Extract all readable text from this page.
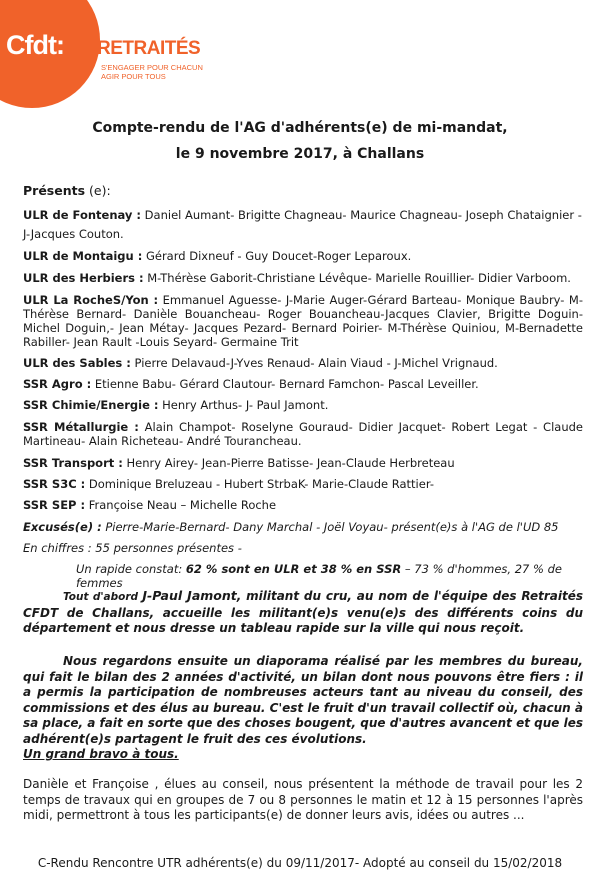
Cfdt: RETRAITÉS
S'ENGAGER POUR CHACUN
AGIR POUR TOUS
Compte-rendu de l'AG d'adhérents(e) de mi-mandat,
le 9 novembre 2017, à Challans
Présents (e):
ULR de Fontenay : Daniel Aumant- Brigitte Chagneau- Maurice Chagneau- Joseph Chataignier -
J-Jacques Couton.
ULR de Montaigu : Gérard Dixneuf - Guy Doucet-Roger Leparoux.
ULR des Herbiers : M-Thérèse Gaborit-Christiane Lévêque- Marielle Rouillier- Didier Varboom.
ULR La RocheS/Yon : Emmanuel Aguesse- J-Marie Auger-Gérard Barteau- Monique Baubry- M-Thérèse Bernard- Danièle Bouancheau- Roger Bouancheau-Jacques Clavier, Brigitte Doguin- Michel Doguin,- Jean Métay- Jacques Pezard- Bernard Poirier- M-Thérèse Quiniou, M-Bernadette Rabiller- Jean Rault -Louis Seyard- Germaine Trit
ULR des Sables : Pierre Delavaud-J-Yves Renaud- Alain Viaud - J-Michel Vrignaud.
SSR Agro : Etienne Babu- Gérard Clautour- Bernard Famchon- Pascal Leveiller.
SSR Chimie/Energie : Henry Arthus- J- Paul Jamont.
SSR Métallurgie : Alain Champot- Roselyne Gouraud- Didier Jacquet- Robert Legat - Claude Martineau- Alain Richeteau- André Tourancheau.
SSR Transport : Henry Airey- Jean-Pierre Batisse- Jean-Claude Herbreteau
SSR S3C : Dominique Breluzeau - Hubert StrbaK- Marie-Claude Rattier-
SSR SEP : Françoise Neau – Michelle Roche
Excusés(e) : Pierre-Marie-Bernard- Dany Marchal - Joël Voyau- présent(e)s à l'AG de l'UD 85
En chiffres : 55 personnes présentes -
Un rapide constat: 62 % sont en ULR et 38 % en SSR – 73 % d'hommes, 27 % de femmes
Tout d'abord J-Paul Jamont, militant du cru, au nom de l'équipe des Retraités CFDT de Challans, accueille les militant(e)s venu(e)s des différents coins du département et nous dresse un tableau rapide sur la ville qui nous reçoit.
Nous regardons ensuite un diaporama réalisé par les membres du bureau, qui fait le bilan des 2 années d'activité, un bilan dont nous pouvons être fiers : il a permis la participation de nombreuses acteurs tant au niveau du conseil, des commissions et des élus au bureau. C'est le fruit d'un travail collectif où, chacun à sa place, a fait en sorte que des choses bougent, que d'autres avancent et que les adhérent(e)s partagent le fruit des ces évolutions.
Un grand bravo à tous.
Danièle et Françoise , élues au conseil, nous présentent la méthode de travail pour les 2 temps de travaux qui en groupes de 7 ou 8 personnes le matin et 12 à 15 personnes l'après midi, permettront à tous les participants(e) de donner leurs avis, idées ou autres ...
C-Rendu Rencontre UTR adhérents(e) du 09/11/2017- Adopté au conseil du 15/02/2018
